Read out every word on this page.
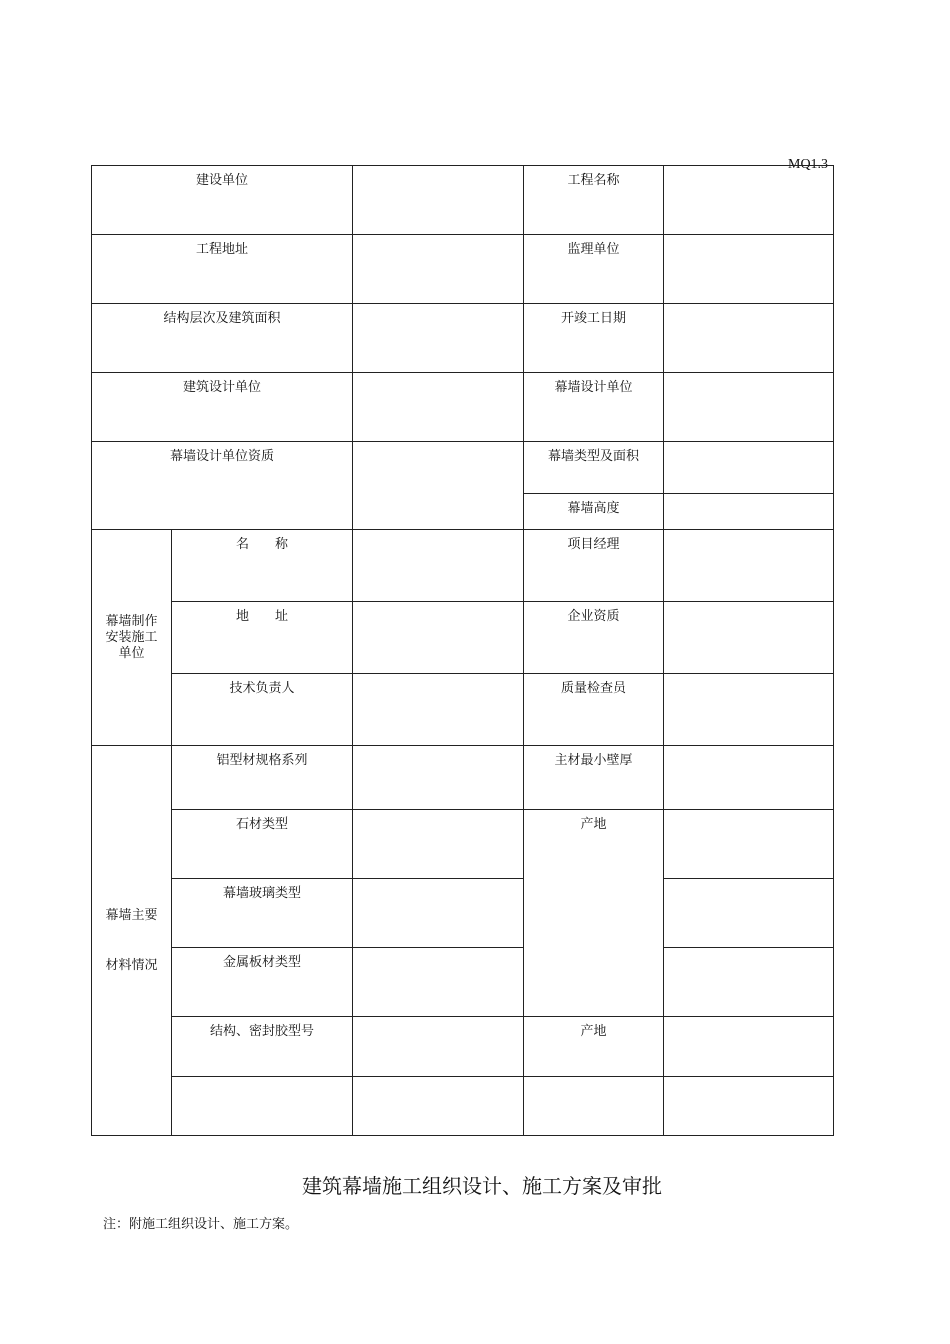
MQ1.3
建设单位			工程名称	

工程地址			监理单位	

结构层次及建筑面积			开竣工日期	

建筑设计单位			幕墙设计单位	

幕墙设计单位资质			幕墙类型及面积	

			幕墙高度	

幕墙制作
安装施工
单位	名　　称		项目经理	

	地　　址		企业资质	

	技术负责人		质量检查员	

幕墙主要
材料情况	铝型材规格系列		主材最小壁厚	

	石材类型		产地	

	幕墙玻璃类型			

	金属板材类型			

	结构、密封胶型号		产地	

建筑幕墙施工组织设计、施工方案及审批
注：附施工组织设计、施工方案。
